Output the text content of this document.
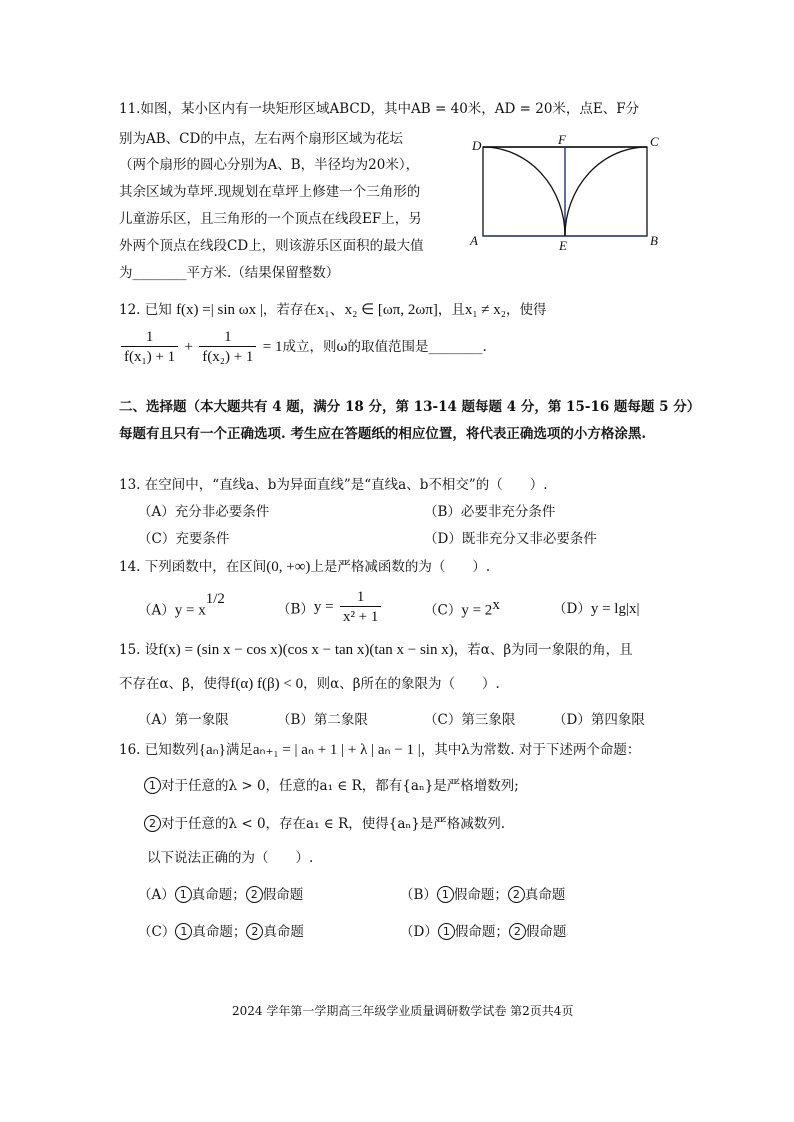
11.如图，某小区内有一块矩形区域ABCD，其中AB = 40米，AD = 20米，点E、F分
别为AB、CD的中点，左右两个扇形区域为花坛
（两个扇形的圆心分别为A、B，半径均为20米），
其余区域为草坪.现规划在草坪上修建一个三角形的
儿童游乐区，且三角形的一个顶点在线段EF上，另
外两个顶点在线段CD上，则该游乐区面积的最大值
为________平方米.（结果保留整数）
D	F	C
A	E	B
12. 已知 f(x) =| sin ωx |，若存在x₁、x₂ ∈ [ωπ, 2ωπ]，且x₁ ≠ x₂，使得
$\frac{1}{\text{f(x₁) + 1}} + \frac{1}{\text{f(x₂) + 1}} = 1$成立，则ω的取值范围是________.
二、选择题（本大题共有 4 题，满分 18 分，第 13-14 题每题 4 分，第 15-16 题每题 5 分）
每题有且只有一个正确选项. 考生应在答题纸的相应位置，将代表正确选项的小方格涂黑.
13. 在空间中，“直线a、b为异面直线”是“直线a、b不相交”的（　　）.
（A）充分非必要条件	（B）必要非充分条件
（C）充要条件	（D）既非充分又非必要条件
14. 下列函数中，在区间(0, +∞)上是严格减函数的为（　　）.
$(A)y = x^{1/2}$
$(B)y = \frac{1}{\text{x² + 1}}$	$(C)y = 2^x$	（D）y = lg|x|
15. 设f(x) = (sin x − cos x)(cos x − tan x)(tan x − sin x)，若α、β为同一象限的角，且
不存在α、β，使得f(α) f(β) < 0，则α、β所在的象限为（　　）.
（A）第一象限	（B）第二象限	（C）第三象限	（D）第四象限
16. 已知数列{aₙ}满足aₙ₊₁ = | aₙ + 1 | + λ | aₙ − 1 |，其中λ为常数. 对于下述两个命题：
1 对于任意的λ > 0，任意的a₁ ∈ R，都有{aₙ}是严格增数列;
2 对于任意的λ < 0，存在a₁ ∈ R，使得{aₙ}是严格减数列.
以下说法正确的为（　　）.
（A） 1 真命题； 2 假命题	（B） 1 假命题； 2 真命题
（C） 1 真命题； 2 真命题	（D） 1 假命题； 2 假命题
2024 学年第一学期高三年级学业质量调研数学试卷 第2页共4页
